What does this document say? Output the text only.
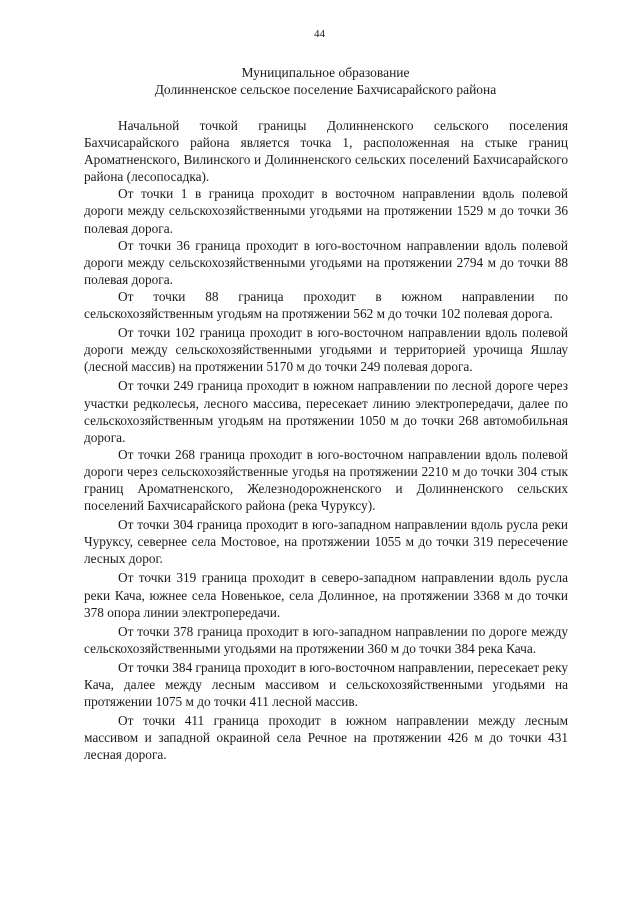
44
Муниципальное образование
Долинненское сельское поселение Бахчисарайского района

Начальной точкой границы Долинненского сельского поселения Бахчисарайского района является точка 1, расположенная на стыке границ Ароматненского, Вилинского и Долинненского сельских поселений Бахчисарайского района (лесопосадка).

От точки 1 в граница проходит в восточном направлении вдоль полевой дороги между сельскохозяйственными угодьями на протяжении 1529 м до точки 36 полевая дорога.

От точки 36 граница проходит в юго-восточном направлении вдоль полевой дороги между сельскохозяйственными угодьями на протяжении 2794 м до точки 88 полевая дорога.

От точки 88 граница проходит в южном направлении по сельскохозяйственным угодьям на протяжении 562 м до точки 102 полевая дорога.

От точки 102 граница проходит в юго-восточном направлении вдоль полевой дороги между сельскохозяйственными угодьями и территорией урочища Яшлау (лесной массив) на протяжении 5170 м до точки 249 полевая дорога.

От точки 249 граница проходит в южном направлении по лесной дороге через участки редколесья, лесного массива, пересекает линию электропередачи, далее по сельскохозяйственным угодьям на протяжении 1050 м до точки 268 автомобильная дорога.

От точки 268 граница проходит в юго-восточном направлении вдоль полевой дороги через сельскохозяйственные угодья на протяжении 2210 м до точки 304 стык границ Ароматненского, Железнодорожненского и Долинненского сельских поселений Бахчисарайского района (река Чуруксу).

От точки 304 граница проходит в юго-западном направлении вдоль русла реки Чуруксу, севернее села Мостовое, на протяжении 1055 м до точки 319 пересечение лесных дорог.

От точки 319 граница проходит в северо-западном направлении вдоль русла реки Кача, южнее села Новенькое, села Долинное, на протяжении 3368 м до точки 378 опора линии электропередачи.

От точки 378 граница проходит в юго-западном направлении по дороге между сельскохозяйственными угодьями на протяжении 360 м до точки 384 река Кача.

От точки 384 граница проходит в юго-восточном направлении, пересекает реку Кача, далее между лесным массивом и сельскохозяйственными угодьями на протяжении 1075 м до точки 411 лесной массив.

От точки 411 граница проходит в южном направлении между лесным массивом и западной окраиной села Речное на протяжении 426 м до точки 431 лесная дорога.
